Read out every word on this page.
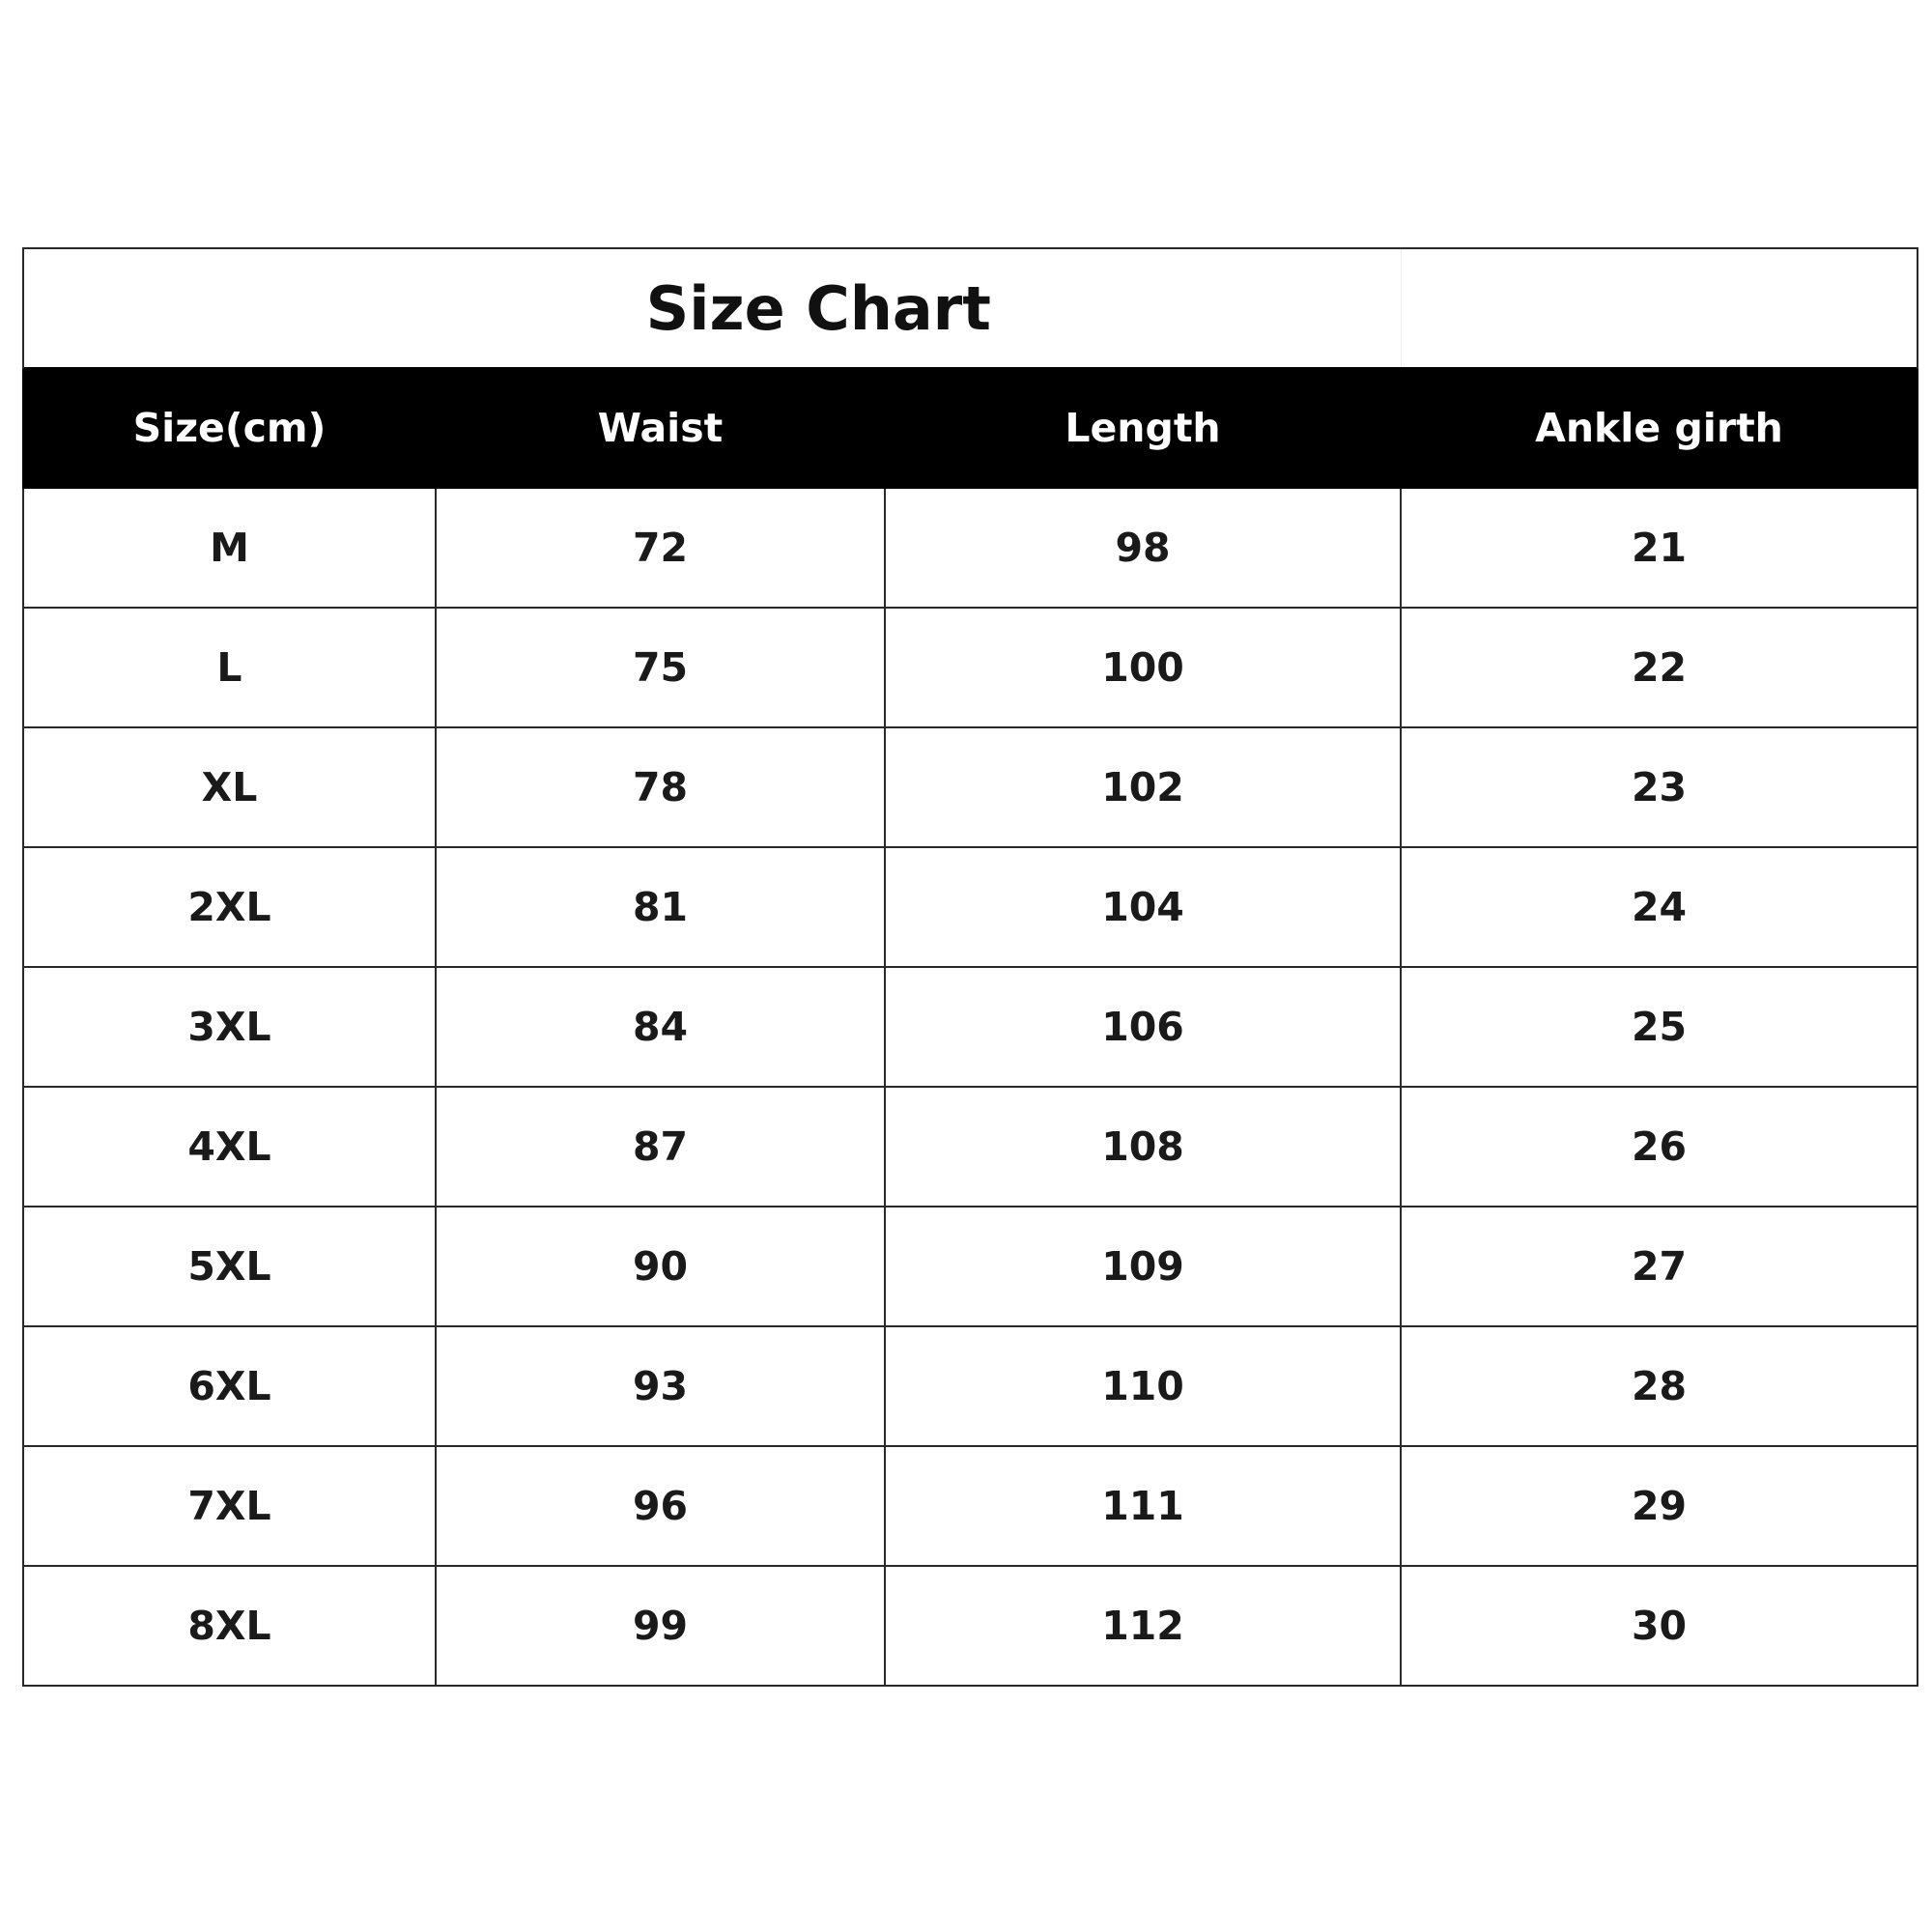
Size Chart			
Size(cm)	Waist	Length	Ankle girth
M	72	98	21
L	75	100	22
XL	78	102	23
2XL	81	104	24
3XL	84	106	25
4XL	87	108	26
5XL	90	109	27
6XL	93	110	28
7XL	96	111	29
8XL	99	112	30
